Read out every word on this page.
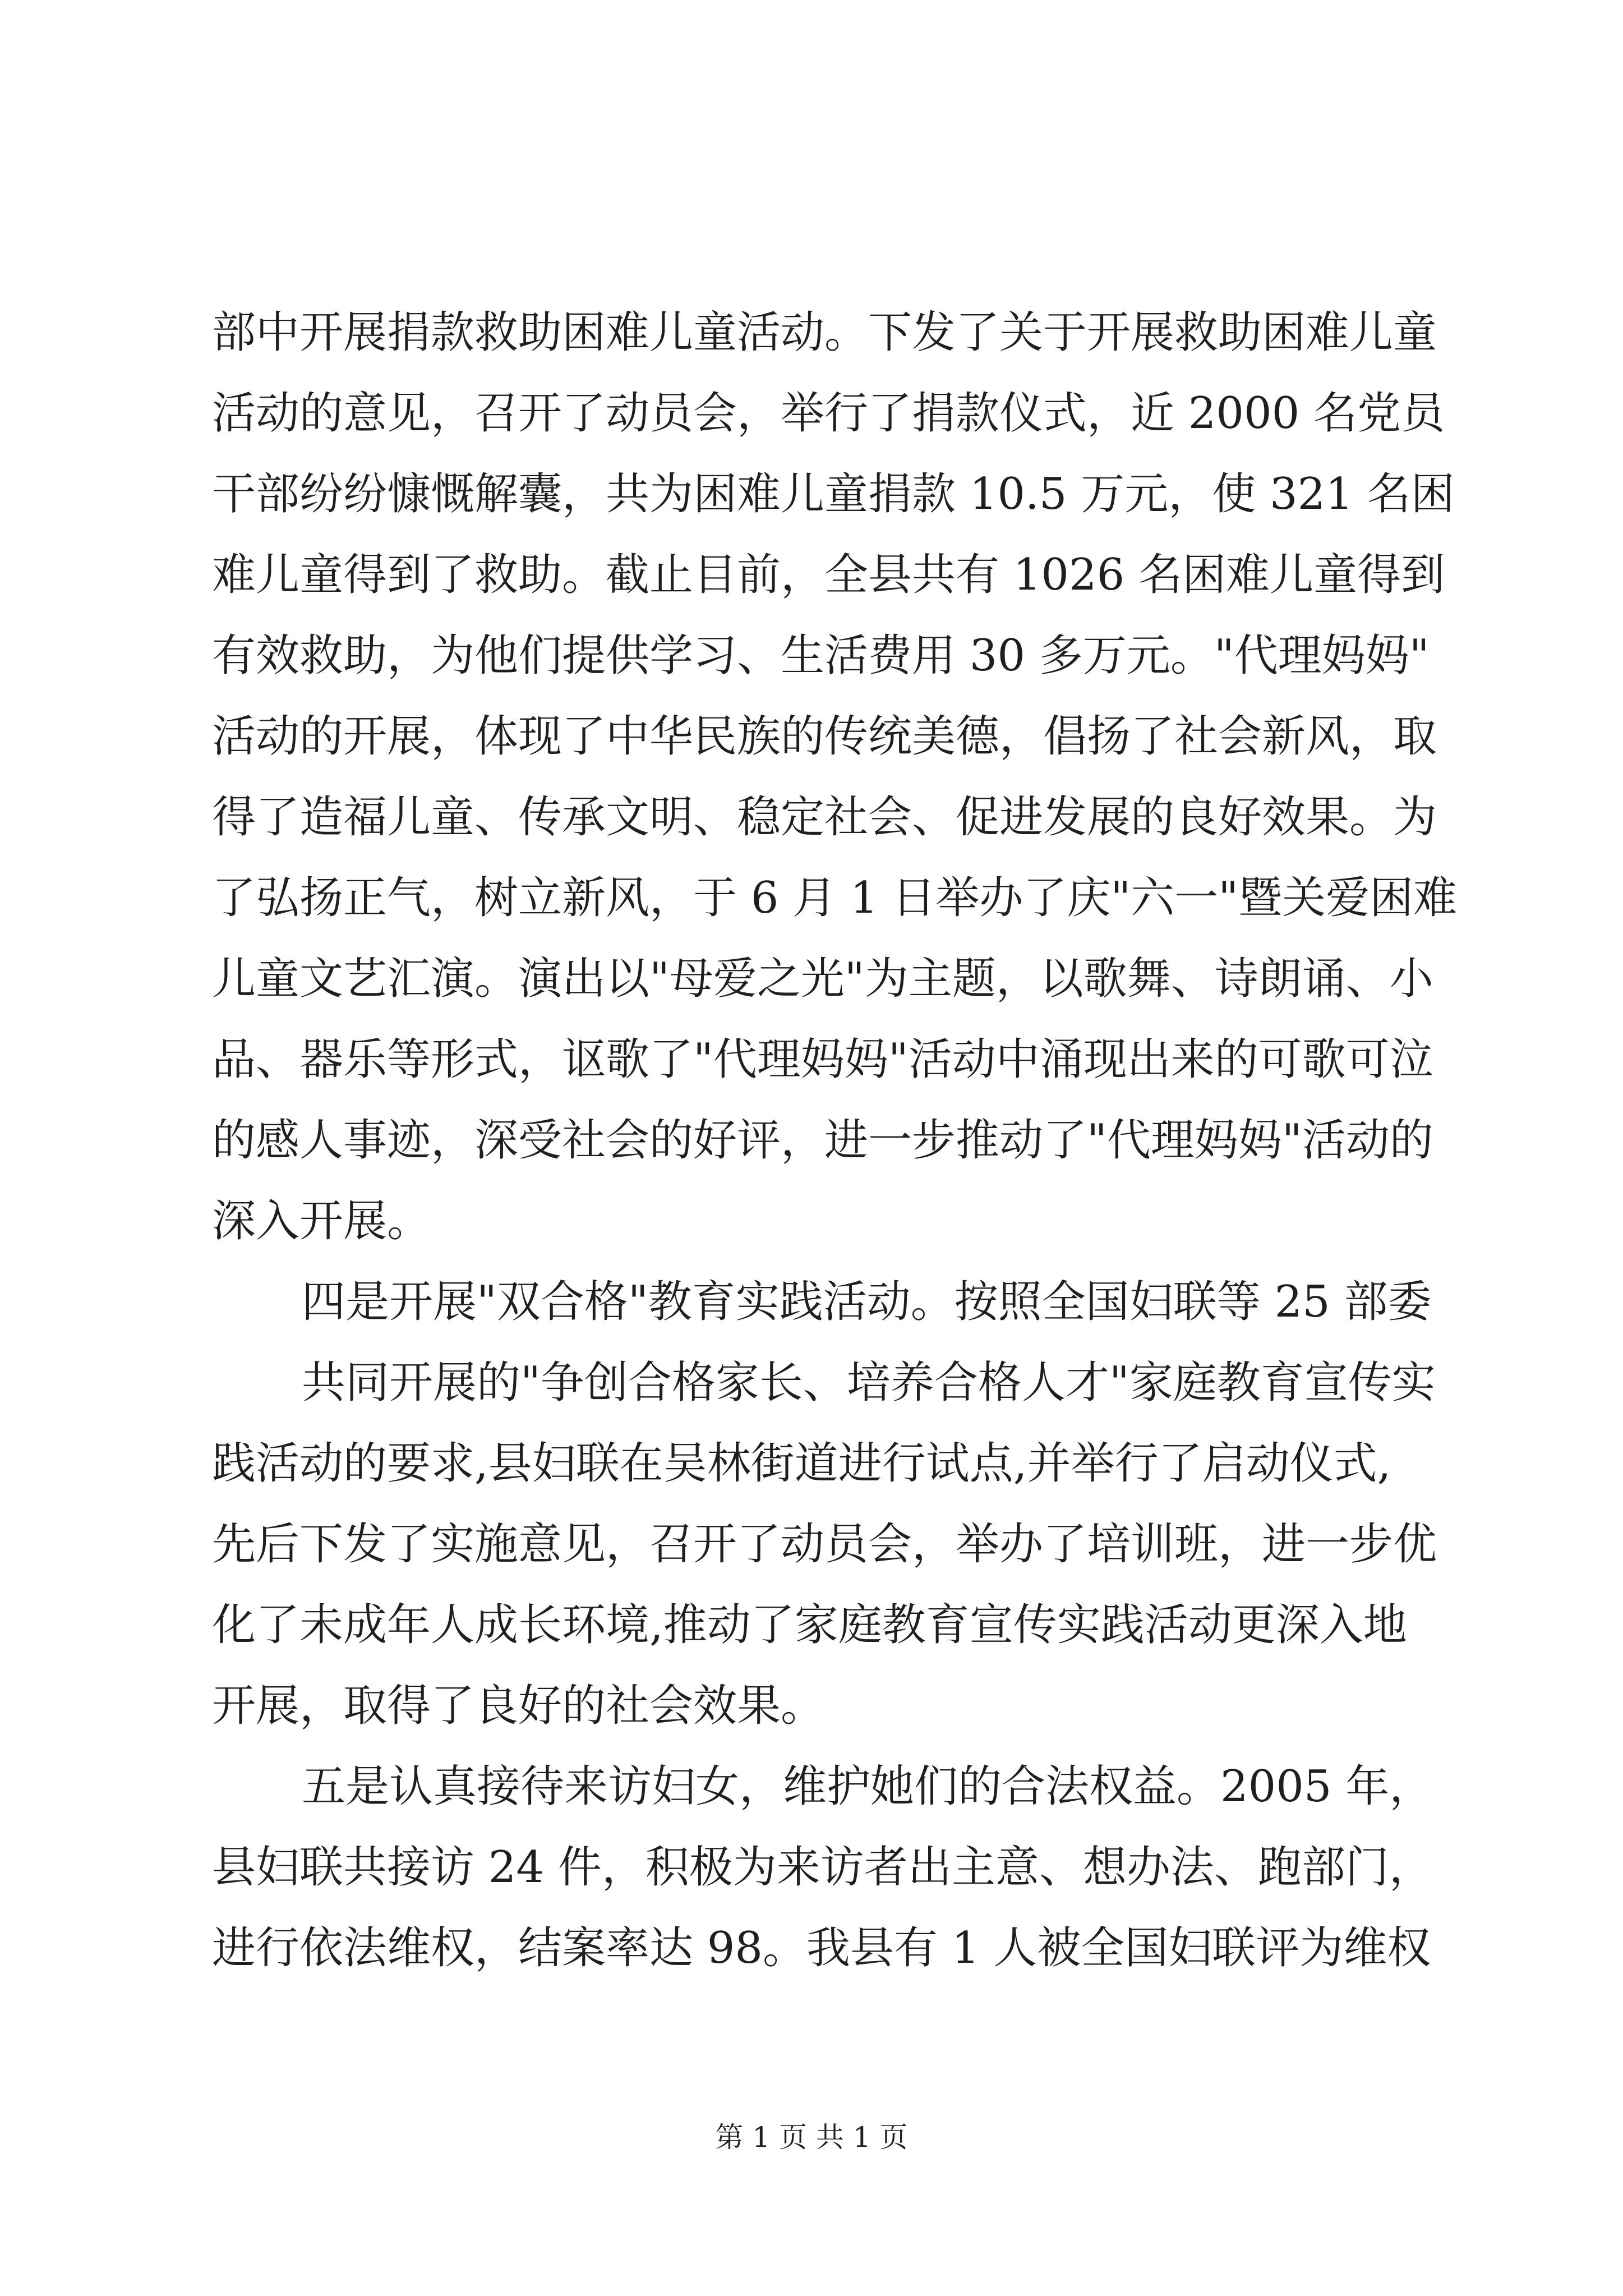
部中开展捐款救助困难儿童活动。下发了关于开展救助困难儿童
活动的意见，召开了动员会，举行了捐款仪式，近 2000 名党员
干部纷纷慷慨解囊，共为困难儿童捐款 10.5 万元，使 321 名困
难儿童得到了救助。截止目前，全县共有 1026 名困难儿童得到
有效救助，为他们提供学习、生活费用 30 多万元。"代理妈妈"
活动的开展，体现了中华民族的传统美德，倡扬了社会新风，取
得了造福儿童、传承文明、稳定社会、促进发展的良好效果。为
了弘扬正气，树立新风，于 6 月 1 日举办了庆"六一"暨关爱困难
儿童文艺汇演。演出以"母爱之光"为主题，以歌舞、诗朗诵、小
品、器乐等形式，讴歌了"代理妈妈"活动中涌现出来的可歌可泣
的感人事迹，深受社会的好评，进一步推动了"代理妈妈"活动的
深入开展。
四是开展"双合格"教育实践活动。按照全国妇联等 25 部委
共同开展的"争创合格家长、培养合格人才"家庭教育宣传实
践活动的要求,县妇联在吴林街道进行试点,并举行了启动仪式,
先后下发了实施意见，召开了动员会，举办了培训班，进一步优
化了未成年人成长环境,推动了家庭教育宣传实践活动更深入地
开展，取得了良好的社会效果。
五是认真接待来访妇女，维护她们的合法权益。2005 年，
县妇联共接访 24 件，积极为来访者出主意、想办法、跑部门，
进行依法维权，结案率达 98。我县有 1 人被全国妇联评为维权
第 1 页 共 1 页
